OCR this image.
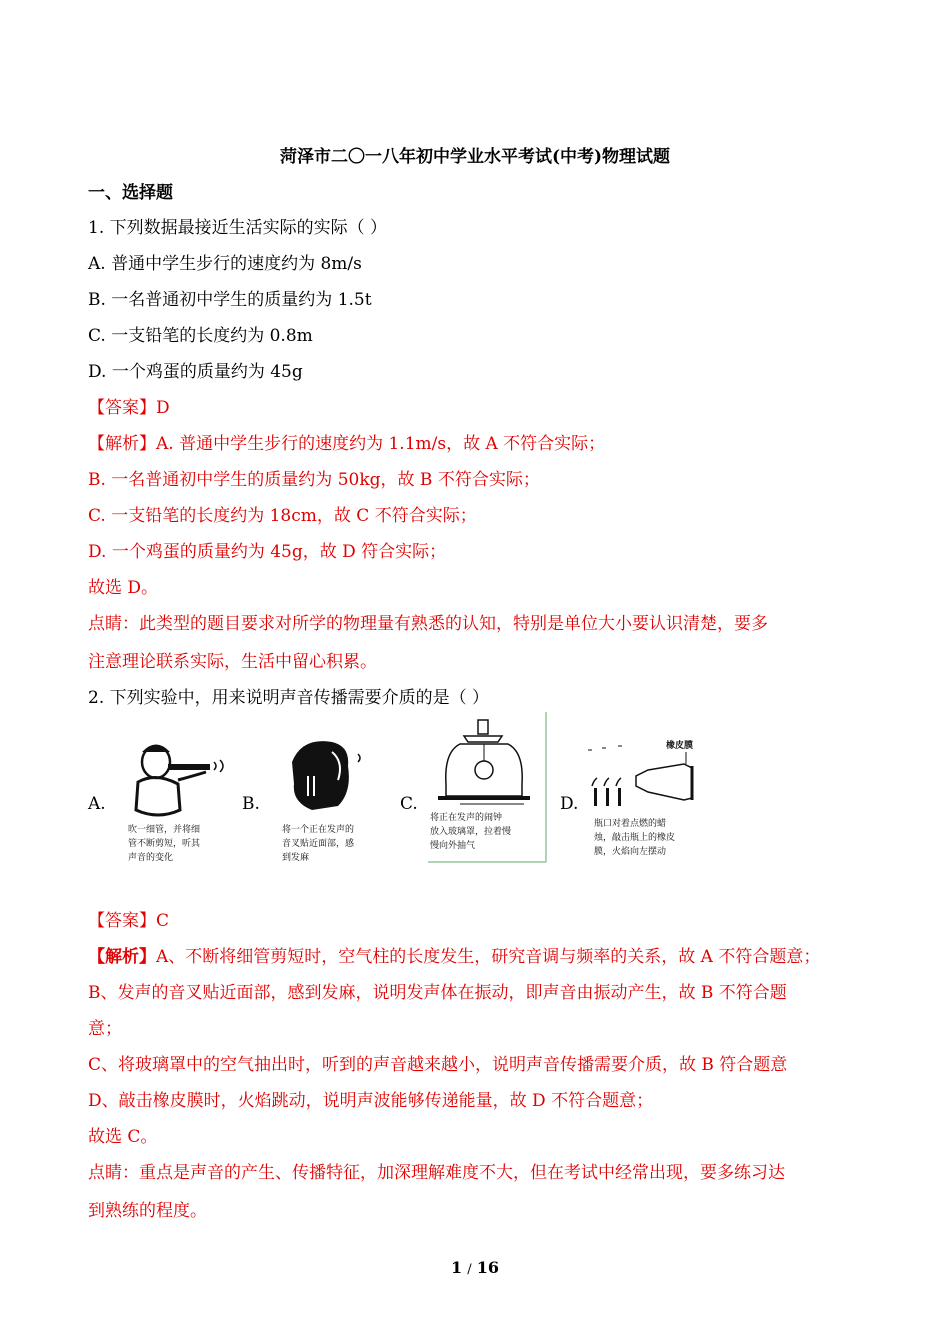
菏泽市二〇一八年初中学业水平考试(中考)物理试题
一、选择题
1. 下列数据最接近生活实际的实际（ ）
A. 普通中学生步行的速度约为 8m/s
B. 一名普通初中学生的质量约为 1.5t
C. 一支铅笔的长度约为 0.8m
D. 一个鸡蛋的质量约为 45g
【答案】D
【解析】A. 普通中学生步行的速度约为 1.1m/s，故 A 不符合实际；
B. 一名普通初中学生的质量约为 50kg，故 B 不符合实际；
C. 一支铅笔的长度约为 18cm，故 C 不符合实际；
D. 一个鸡蛋的质量约为 45g，故 D 符合实际；
故选 D。
点睛：此类型的题目要求对所学的物理量有熟悉的认知，特别是单位大小要认识清楚，要多
注意理论联系实际，生活中留心积累。
2. 下列实验中，用来说明声音传播需要介质的是（ ）
A.
吹一细管，并将细
管不断剪短，听其
声音的变化
B.
将一个正在发声的
音叉贴近面部，感
到发麻
C.
将正在发声的闹钟
放入玻璃罩，拉着慢
慢向外抽气
D.
橡皮膜
瓶口对着点燃的蜡
烛，敲击瓶上的橡皮
膜，火焰向左摆动
【答案】C
【解析】A、不断将细管剪短时，空气柱的长度发生，研究音调与频率的关系，故 A 不符合题意；
B、发声的音叉贴近面部，感到发麻，说明发声体在振动，即声音由振动产生，故 B 不符合题
意；
C、将玻璃罩中的空气抽出时，听到的声音越来越小，说明声音传播需要介质，故 B 符合题意
D、敲击橡皮膜时，火焰跳动，说明声波能够传递能量，故 D 不符合题意；
故选 C。
点睛：重点是声音的产生、传播特征，加深理解难度不大，但在考试中经常出现，要多练习达
到熟练的程度。
1 / 16
